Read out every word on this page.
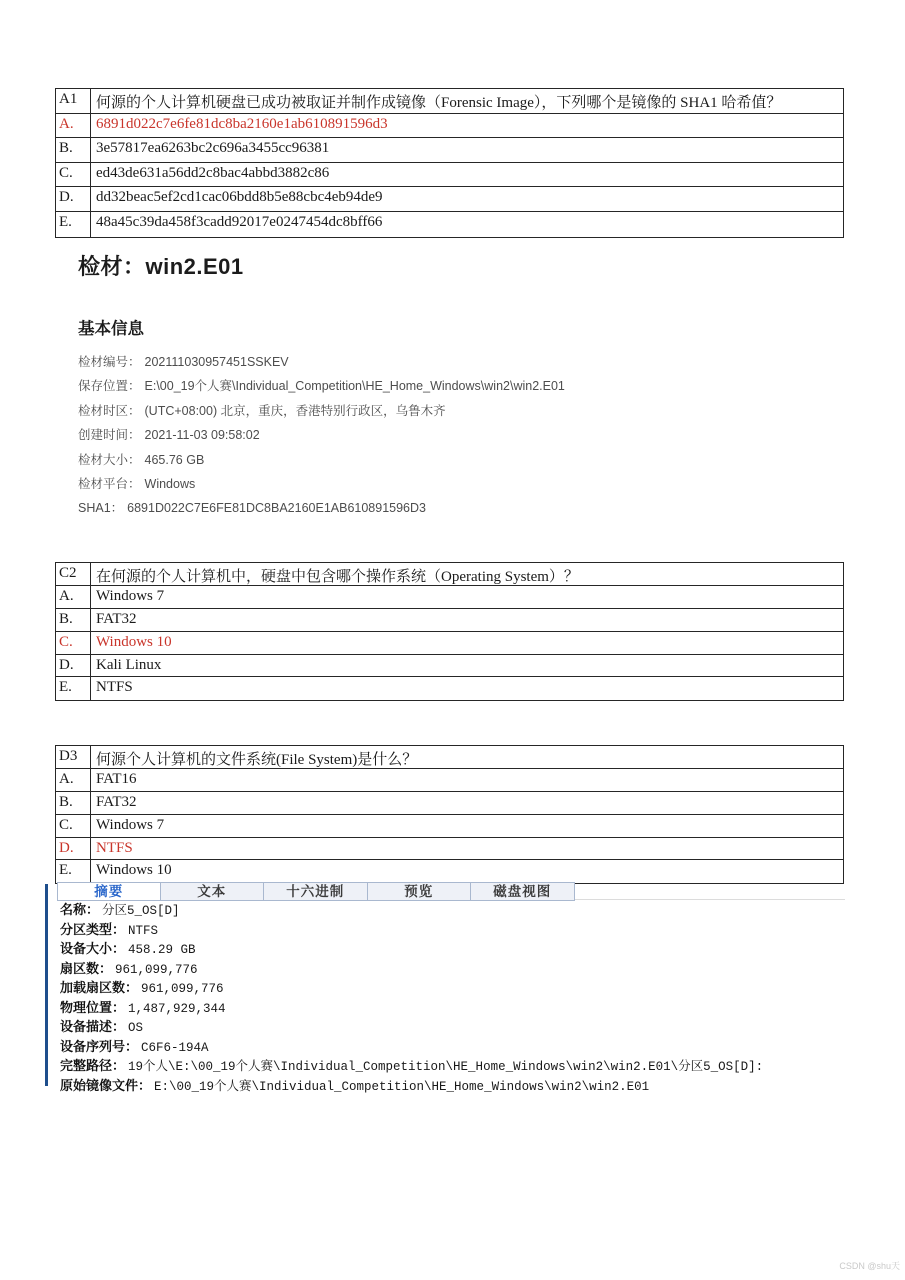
A1	何源的个人计算机硬盘已成功被取证并制作成镜像（Forensic Image），下列哪个是镜像的 SHA1 哈希值？
A.	6891d022c7e6fe81dc8ba2160e1ab610891596d3
B.	3e57817ea6263bc2c696a3455cc96381
C.	ed43de631a56dd2c8bac4abbd3882c86
D.	dd32beac5ef2cd1cac06bdd8b5e88cbc4eb94de9
E.	48a45c39da458f3cadd92017e0247454dc8bff66
检材：win2.E01
基本信息
检材编号： 202111030957451SSKEV
保存位置： E:\00_19个人赛\Individual_Competition\HE_Home_Windows\win2\win2.E01
检材时区： (UTC+08:00) 北京，重庆，香港特别行政区，乌鲁木齐
创建时间： 2021-11-03 09:58:02
检材大小： 465.76 GB
检材平台： Windows
SHA1： 6891D022C7E6FE81DC8BA2160E1AB610891596D3
C2	在何源的个人计算机中，硬盘中包含哪个操作系统（Operating System）？
A.	Windows 7
B.	FAT32
C.	Windows 10
D.	Kali Linux
E.	NTFS
D3	何源个人计算机的文件系统(File System)是什么？
A.	FAT16
B.	FAT32
C.	Windows 7
D.	NTFS
E.	Windows 10
摘要	文本	十六进制	预览	磁盘视图
名称： 分区5_OS[D]
分区类型： NTFS
设备大小： 458.29 GB
扇区数： 961,099,776
加载扇区数： 961,099,776
物理位置： 1,487,929,344
设备描述： OS
设备序列号： C6F6-194A
完整路径： 19个人\E:\00_19个人赛\Individual_Competition\HE_Home_Windows\win2\win2.E01\分区5_OS[D]:
原始镜像文件： E:\00_19个人赛\Individual_Competition\HE_Home_Windows\win2\win2.E01
CSDN @shu天
